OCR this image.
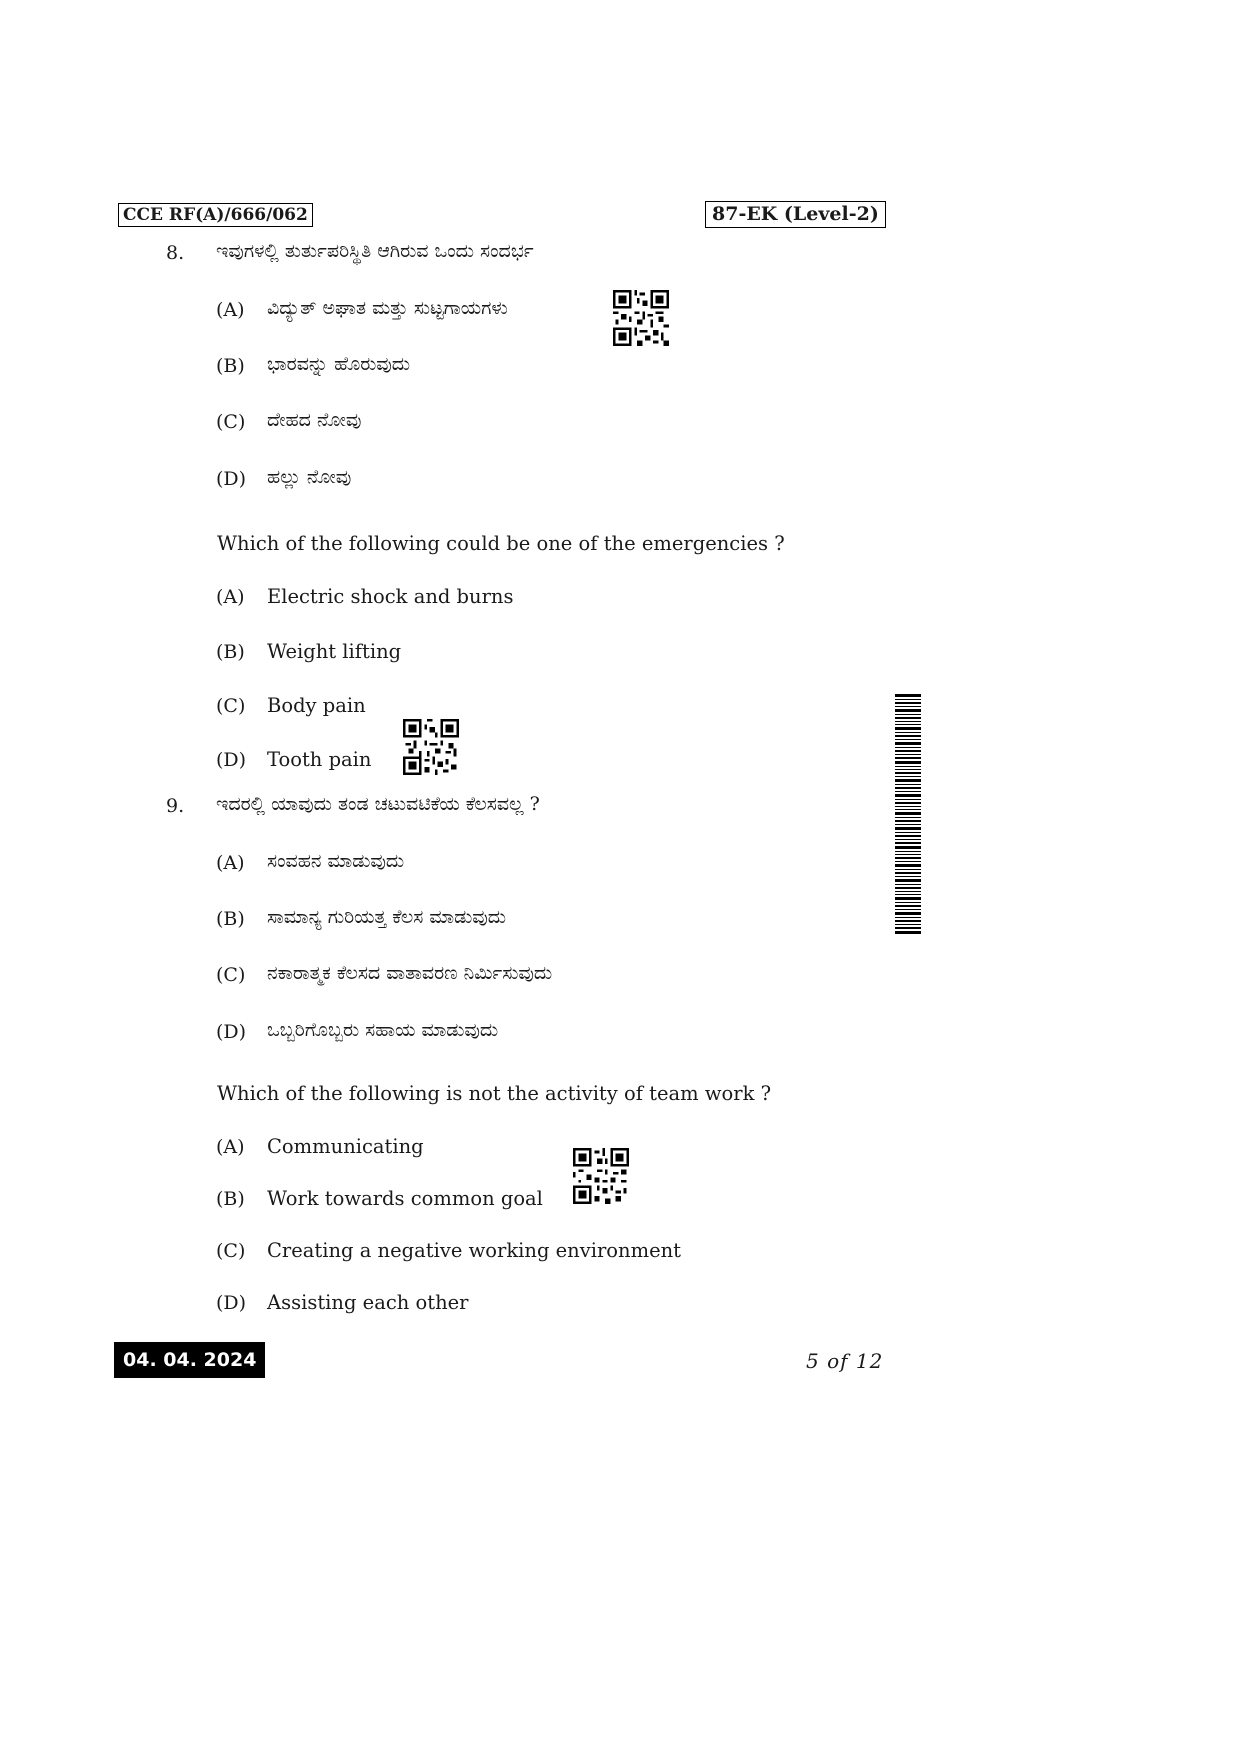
CCE RF(A)/666/062	87-EK (Level-2)
8. ಇವುಗಳಲ್ಲಿ ತುರ್ತುಪರಿಸ್ಥಿತಿ ಆಗಿರುವ ಒಂದು ಸಂದರ್ಭ
(A) ವಿದ್ಯುತ್ ಅಘಾತ ಮತ್ತು ಸುಟ್ಟಗಾಯಗಳು
(B) ಭಾರವನ್ನು ಹೊರುವುದು
(C) ದೇಹದ ನೋವು
(D) ಹಲ್ಲು ನೋವು
Which of the following could be one of the emergencies ?
(A) Electric shock and burns
(B) Weight lifting
(C) Body pain
(D) Tooth pain
9. ಇದರಲ್ಲಿ ಯಾವುದು ತಂಡ ಚಟುವಟಿಕೆಯ ಕೆಲಸವಲ್ಲ ?
(A) ಸಂವಹನ ಮಾಡುವುದು
(B) ಸಾಮಾನ್ಯ ಗುರಿಯತ್ತ ಕೆಲಸ ಮಾಡುವುದು
(C) ನಕಾರಾತ್ಮಕ ಕೆಲಸದ ವಾತಾವರಣ ನಿರ್ಮಿಸುವುದು
(D) ಒಬ್ಬರಿಗೊಬ್ಬರು ಸಹಾಯ ಮಾಡುವುದು
Which of the following is not the activity of team work ?
(A) Communicating
(B) Work towards common goal
(C) Creating a negative working environment
(D) Assisting each other
04. 04. 2024	5 of 12
